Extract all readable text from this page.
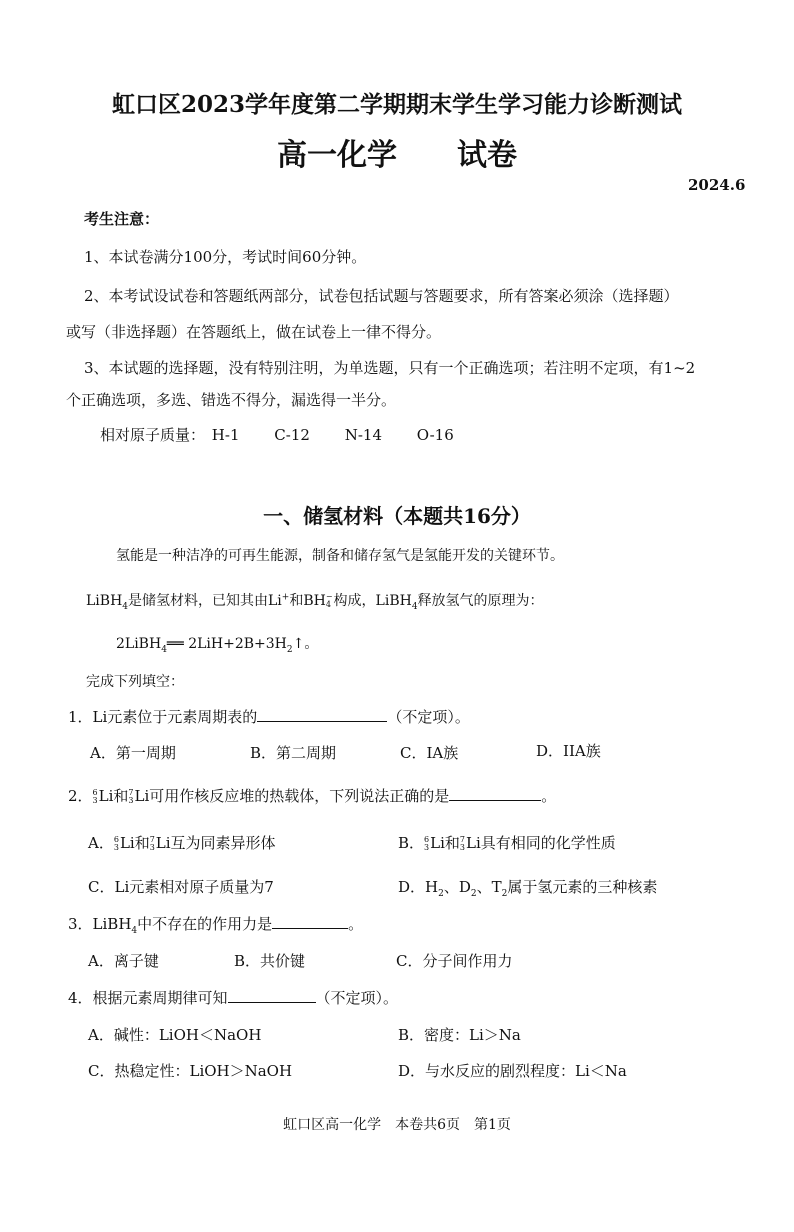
虹口区2023学年度第二学期期末学生学习能力诊断测试
高一化学　　试卷
2024.6
考生注意：
1、本试卷满分100分，考试时间60分钟。
2、本考试设试卷和答题纸两部分，试卷包括试题与答题要求，所有答案必须涂（选择题）
或写（非选择题）在答题纸上，做在试卷上一律不得分。
3、本试题的选择题，没有特别注明，为单选题，只有一个正确选项；若注明不定项，有1~2
个正确选项，多选、错选不得分，漏选得一半分。
相对原子质量： H-1 C-12 N-14 O-16
一、储氢材料（本题共16分）
氢能是一种洁净的可再生能源，制备和储存氢气是氢能开发的关键环节。
LiBH$_4$是储氢材料，已知其由Li+和BH −
4 构成，LiBH$_4$释放氢气的原理为：
2LiBH$_4$══ $2LiH+2B+3H_2↑$。
完成下列填空：
1．Li元素位于元素周期表的	（不定项）。
A．第一周期	B．第二周期	C．IA族	D．IIA族
2． 6
3 Li和 7
3 Li可用作核反应堆的热载体，下列说法正确的是	。
A． 6
3 Li和 7
3 Li互为同素异形体	B． 6
3 Li和 7
3 Li具有相同的化学性质
C．Li元素相对原子质量为7	D．$H_2$、$D_2$、$T_2$属于氢元素的三种核素
3．LiBH$_4$中不存在的作用力是	。
A．离子键	B．共价键	C．分子间作用力
4．根据元素周期律可知	（不定项）。
A．碱性：LiOH＜NaOH	B．密度：Li＞Na
C．热稳定性：LiOH＞NaOH	D．与水反应的剧烈程度：Li＜Na
虹口区高一化学　本卷共6页　第1页
